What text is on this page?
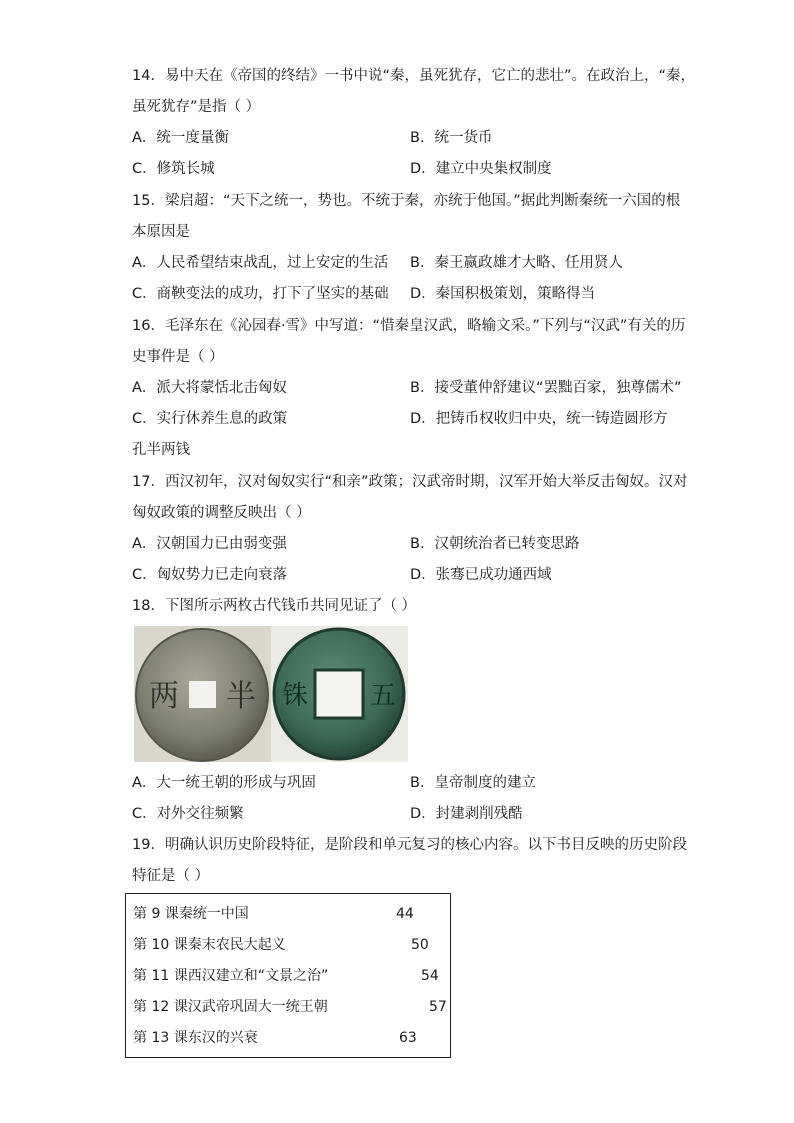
14．易中天在《帝国的终结》一书中说“秦，虽死犹存，它亡的悲壮”。在政治上，“秦，
虽死犹存”是指（ ）
A．统一度量衡	B．统一货币
C．修筑长城	D．建立中央集权制度
15．梁启超：“天下之统一，势也。不统于秦，亦统于他国。”据此判断秦统一六国的根
本原因是
A．人民希望结束战乱，过上安定的生活 B．秦王嬴政雄才大略、任用贤人
C．商鞅变法的成功，打下了坚实的基础 D．秦国积极策划，策略得当
16．毛泽东在《沁园春·雪》中写道：“惜秦皇汉武，略输文采。”下列与“汉武”有关的历
史事件是（ ）
A．派大将蒙恬北击匈奴	B．接受董仲舒建议“罢黜百家，独尊儒术”
C．实行休养生息的政策	D．把铸币权收归中央，统一铸造圆形方
孔半两钱
17．西汉初年，汉对匈奴实行“和亲”政策；汉武帝时期，汉军开始大举反击匈奴。汉对
匈奴政策的调整反映出（ ）
A．汉朝国力已由弱变强	B．汉朝统治者已转变思路
C．匈奴势力已走向衰落	D．张骞已成功通西域
18．下图所示两枚古代钱币共同见证了（ ）
两 半 铢 五
A．大一统王朝的形成与巩固	B．皇帝制度的建立
C．对外交往频繁	D．封建剥削残酷
19．明确认识历史阶段特征，是阶段和单元复习的核心内容。以下书目反映的历史阶段
特征是（ ）
第 9 课秦统一中国	44
第 10 课秦末农民大起义	50
第 11 课西汉建立和“文景之治”	54
第 12 课汉武帝巩固大一统王朝	57
第 13 课东汉的兴衰	63
